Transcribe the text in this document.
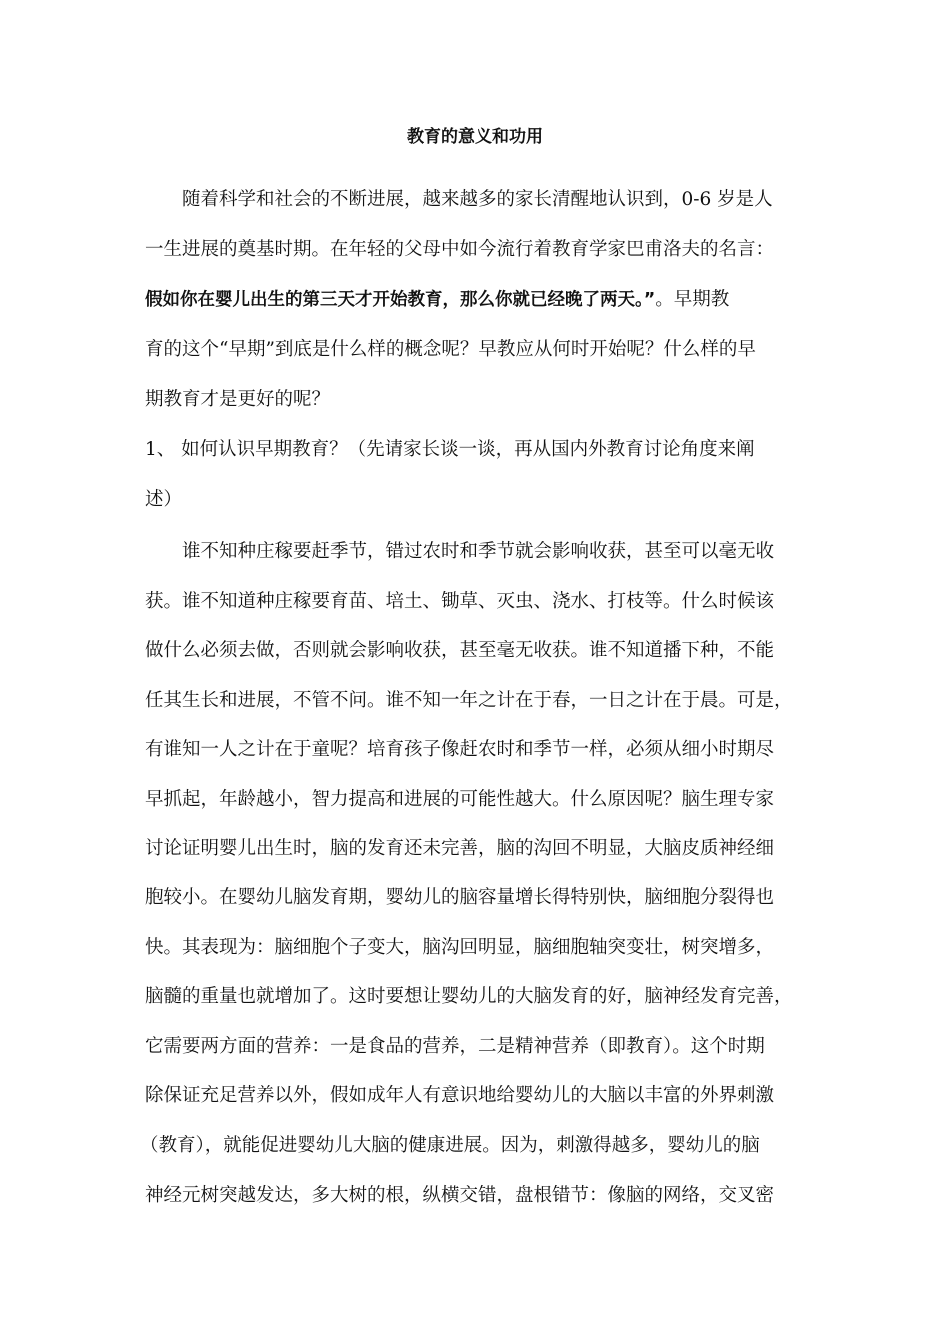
教育的意义和功用
随着科学和社会的不断进展，越来越多的家长清醒地认识到，0-6 岁是人
一生进展的奠基时期。在年轻的父母中如今流行着教育学家巴甫洛夫的名言：
假如你在婴儿出生的第三天才开始教育，那么你就已经晚了两天。”。早期教
育的这个“早期”到底是什么样的概念呢？早教应从何时开始呢？什么样的早
期教育才是更好的呢？
1、 如何认识早期教育？（先请家长谈一谈，再从国内外教育讨论角度来阐
述）
谁不知种庄稼要赶季节，错过农时和季节就会影响收获，甚至可以毫无收
获。谁不知道种庄稼要育苗、培土、锄草、灭虫、浇水、打枝等。什么时候该
做什么必须去做，否则就会影响收获，甚至毫无收获。谁不知道播下种，不能
任其生长和进展，不管不问。谁不知一年之计在于春，一日之计在于晨。可是，
有谁知一人之计在于童呢？培育孩子像赶农时和季节一样，必须从细小时期尽
早抓起，年龄越小，智力提高和进展的可能性越大。什么原因呢？脑生理专家
讨论证明婴儿出生时，脑的发育还未完善，脑的沟回不明显，大脑皮质神经细
胞较小。在婴幼儿脑发育期，婴幼儿的脑容量增长得特别快，脑细胞分裂得也
快。其表现为：脑细胞个子变大，脑沟回明显，脑细胞轴突变壮，树突增多，
脑髓的重量也就增加了。这时要想让婴幼儿的大脑发育的好，脑神经发育完善，
它需要两方面的营养：一是食品的营养，二是精神营养（即教育）。这个时期
除保证充足营养以外，假如成年人有意识地给婴幼儿的大脑以丰富的外界刺激
（教育），就能促进婴幼儿大脑的健康进展。因为，刺激得越多，婴幼儿的脑
神经元树突越发达，多大树的根，纵横交错，盘根错节：像脑的网络，交叉密
